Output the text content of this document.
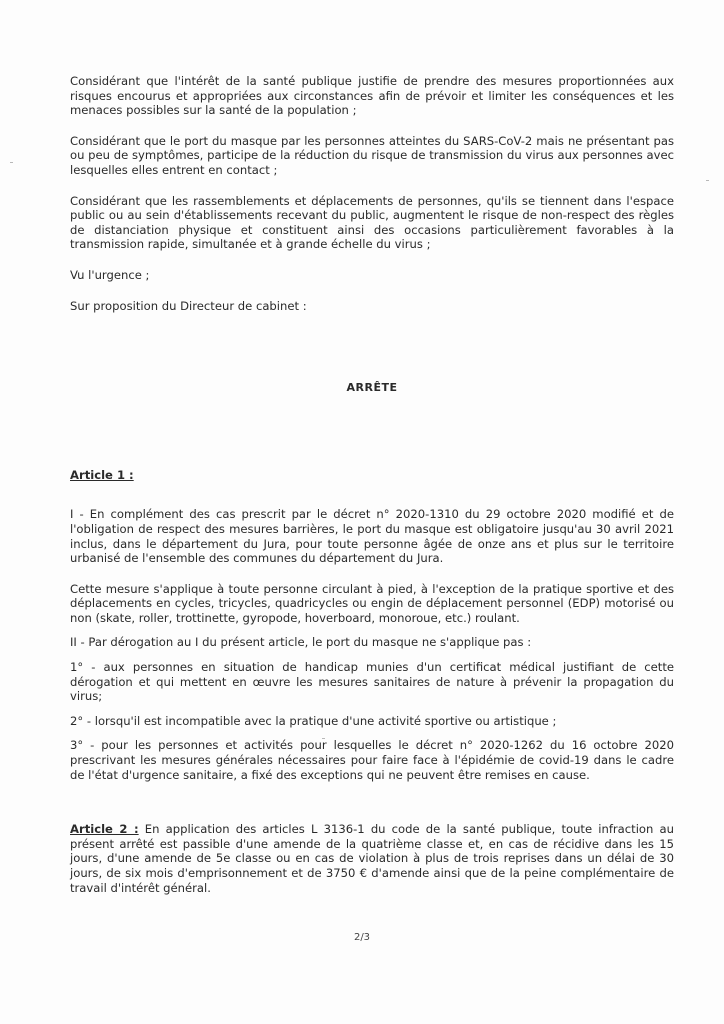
Considérant que l'intérêt de la santé publique justifie de prendre des mesures proportionnées aux risques encourus et appropriées aux circonstances afin de prévoir et limiter les conséquences et les menaces possibles sur la santé de la population ;

Considérant que le port du masque par les personnes atteintes du SARS-CoV-2 mais ne présentant pas ou peu de symptômes, participe de la réduction du risque de transmission du virus aux personnes avec lesquelles elles entrent en contact ;

Considérant que les rassemblements et déplacements de personnes, qu'ils se tiennent dans l'espace public ou au sein d'établissements recevant du public, augmentent le risque de non-respect des règles de distanciation physique et constituent ainsi des occasions particulièrement favorables à la transmission rapide, simultanée et à grande échelle du virus ;

Vu l'urgence ;

Sur proposition du Directeur de cabinet :

ARRÊTE
Article 1 :

I - En complément des cas prescrit par le décret n° 2020-1310 du 29 octobre 2020 modifié et de l'obligation de respect des mesures barrières, le port du masque est obligatoire jusqu'au 30 avril 2021 inclus, dans le département du Jura, pour toute personne âgée de onze ans et plus sur le territoire urbanisé de l'ensemble des communes du département du Jura.

Cette mesure s'applique à toute personne circulant à pied, à l'exception de la pratique sportive et des déplacements en cycles, tricycles, quadricycles ou engin de déplacement personnel (EDP) motorisé ou non (skate, roller, trottinette, gyropode, hoverboard, monoroue, etc.) roulant.

II - Par dérogation au I du présent article, le port du masque ne s'applique pas :

1° - aux personnes en situation de handicap munies d'un certificat médical justifiant de cette dérogation et qui mettent en œuvre les mesures sanitaires de nature à prévenir la propagation du virus;

2° - lorsqu'il est incompatible avec la pratique d'une activité sportive ou artistique ;

3° - pour les personnes et activités pour lesquelles le décret n° 2020-1262 du 16 octobre 2020 prescrivant les mesures générales nécessaires pour faire face à l'épidémie de covid-19 dans le cadre de l'état d'urgence sanitaire, a fixé des exceptions qui ne peuvent être remises en cause.

Article 2 : En application des articles L 3136-1 du code de la santé publique, toute infraction au présent arrêté est passible d'une amende de la quatrième classe et, en cas de récidive dans les 15 jours, d'une amende de 5e classe ou en cas de violation à plus de trois reprises dans un délai de 30 jours, de six mois d'emprisonnement et de 3750 € d'amende ainsi que de la peine complémentaire de travail d'intérêt général.

2/3
